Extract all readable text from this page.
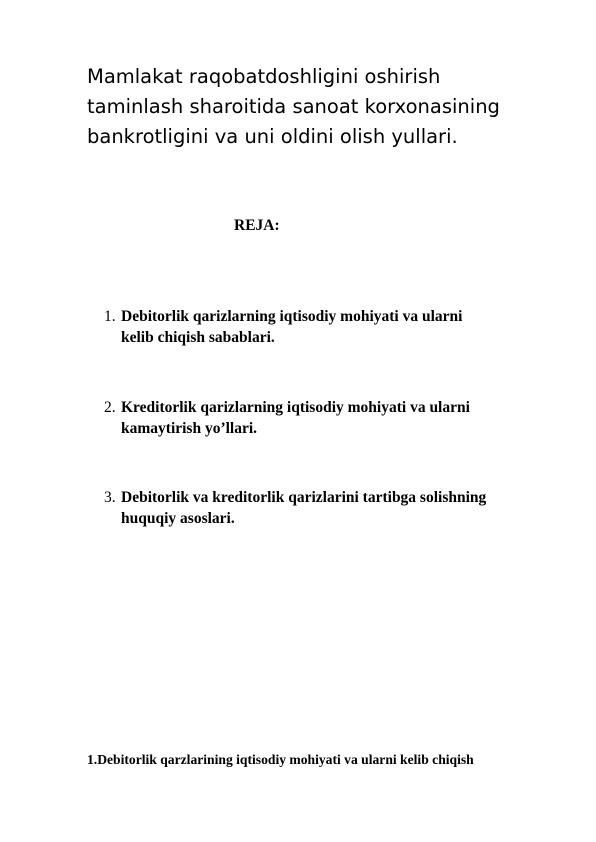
Mamlakat raqobatdoshligini oshirish
taminlash sharoitida sanoat korxonasining
bankrotligini va uni oldini olish yullari.

REJA:

1. Debitorlik qarizlarning iqtisodiy mohiyati va ularni
kelib chiqish sabablari.
2. Kreditorlik qarizlarning iqtisodiy mohiyati va ularni
kamaytirish yo’llari.
3. Debitorlik va kreditorlik qarizlarini tartibga solishning
huquqiy asoslari.

1.Debitorlik qarzlarining iqtisodiy mohiyati va ularni kelib chiqish
